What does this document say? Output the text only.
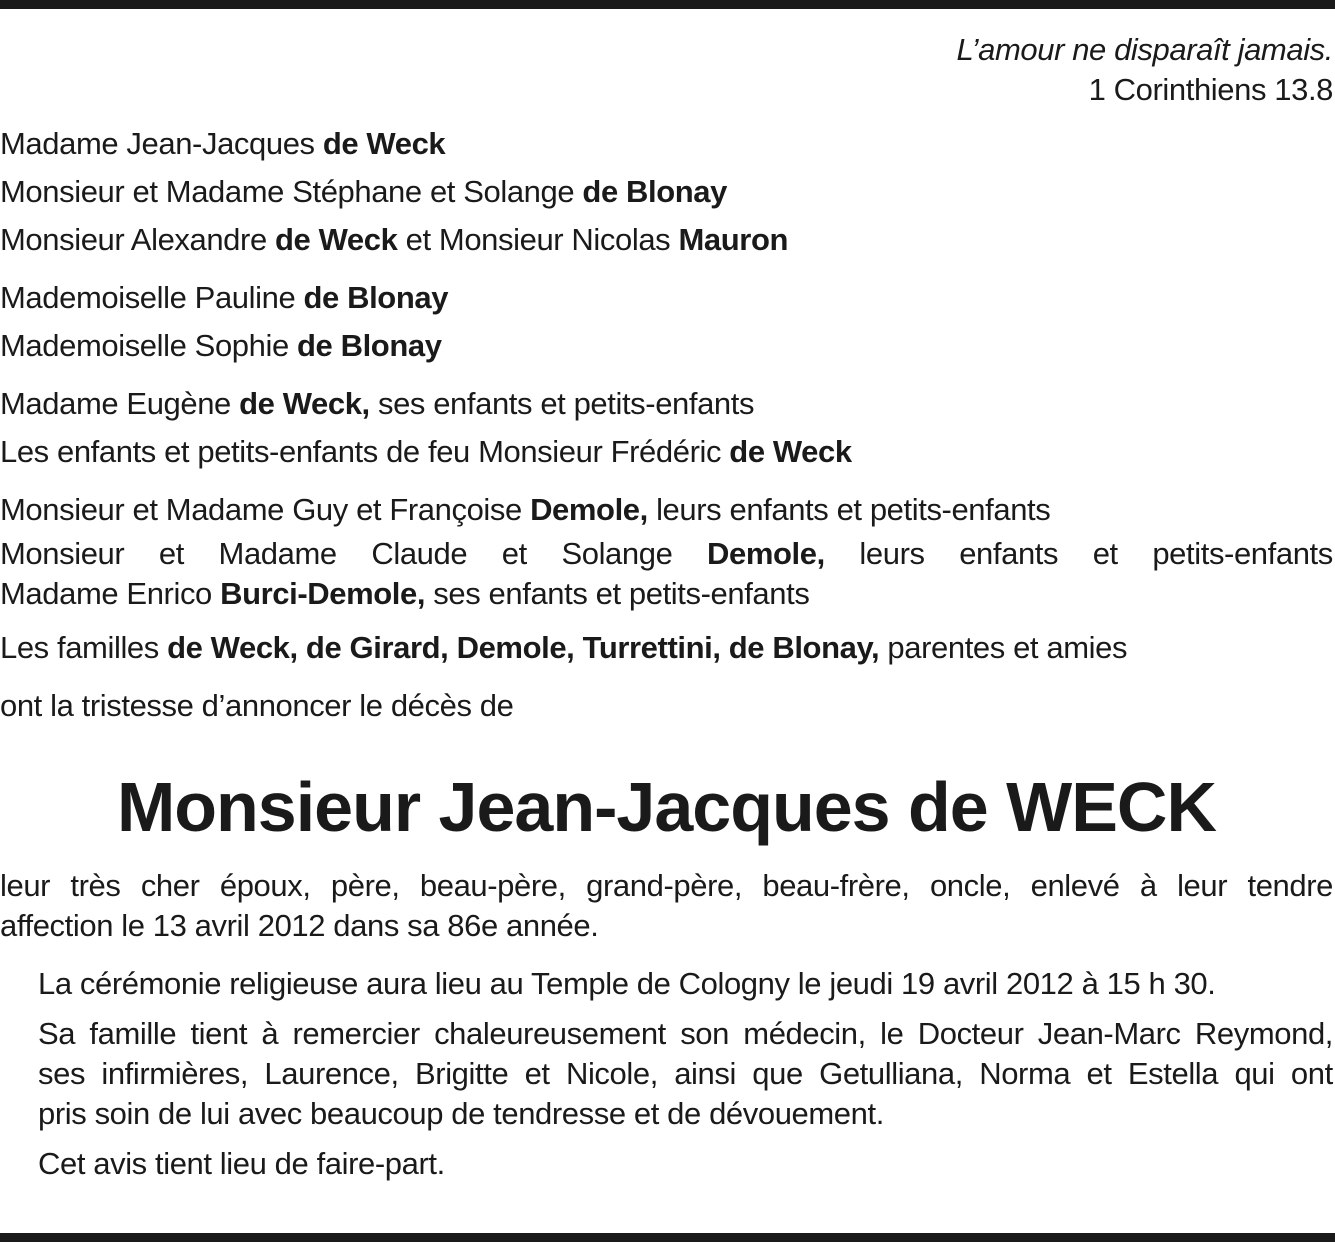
L’amour ne disparaît jamais.
1 Corinthiens 13.8
Madame Jean-Jacques de Weck
Monsieur et Madame Stéphane et Solange de Blonay
Monsieur Alexandre de Weck et Monsieur Nicolas Mauron
Mademoiselle Pauline de Blonay
Mademoiselle Sophie de Blonay
Madame Eugène de Weck, ses enfants et petits-enfants
Les enfants et petits-enfants de feu Monsieur Frédéric de Weck
Monsieur et Madame Guy et Françoise Demole, leurs enfants et petits-enfants
Monsieur et Madame Claude et Solange Demole, leurs enfants et petits-enfants
Madame Enrico Burci-Demole, ses enfants et petits-enfants
Les familles de Weck, de Girard, Demole, Turrettini, de Blonay, parentes et amies
ont la tristesse d’annoncer le décès de
Monsieur Jean-Jacques de WECK
leur très cher époux, père, beau-père, grand-père, beau-frère, oncle, enlevé à leur tendre
affection le 13 avril 2012 dans sa 86e année.
La cérémonie religieuse aura lieu au Temple de Cologny le jeudi 19 avril 2012 à 15 h 30.
Sa famille tient à remercier chaleureusement son médecin, le Docteur Jean-Marc Reymond,
ses infirmières, Laurence, Brigitte et Nicole, ainsi que Getulliana, Norma et Estella qui ont
pris soin de lui avec beaucoup de tendresse et de dévouement.
Cet avis tient lieu de faire-part.
